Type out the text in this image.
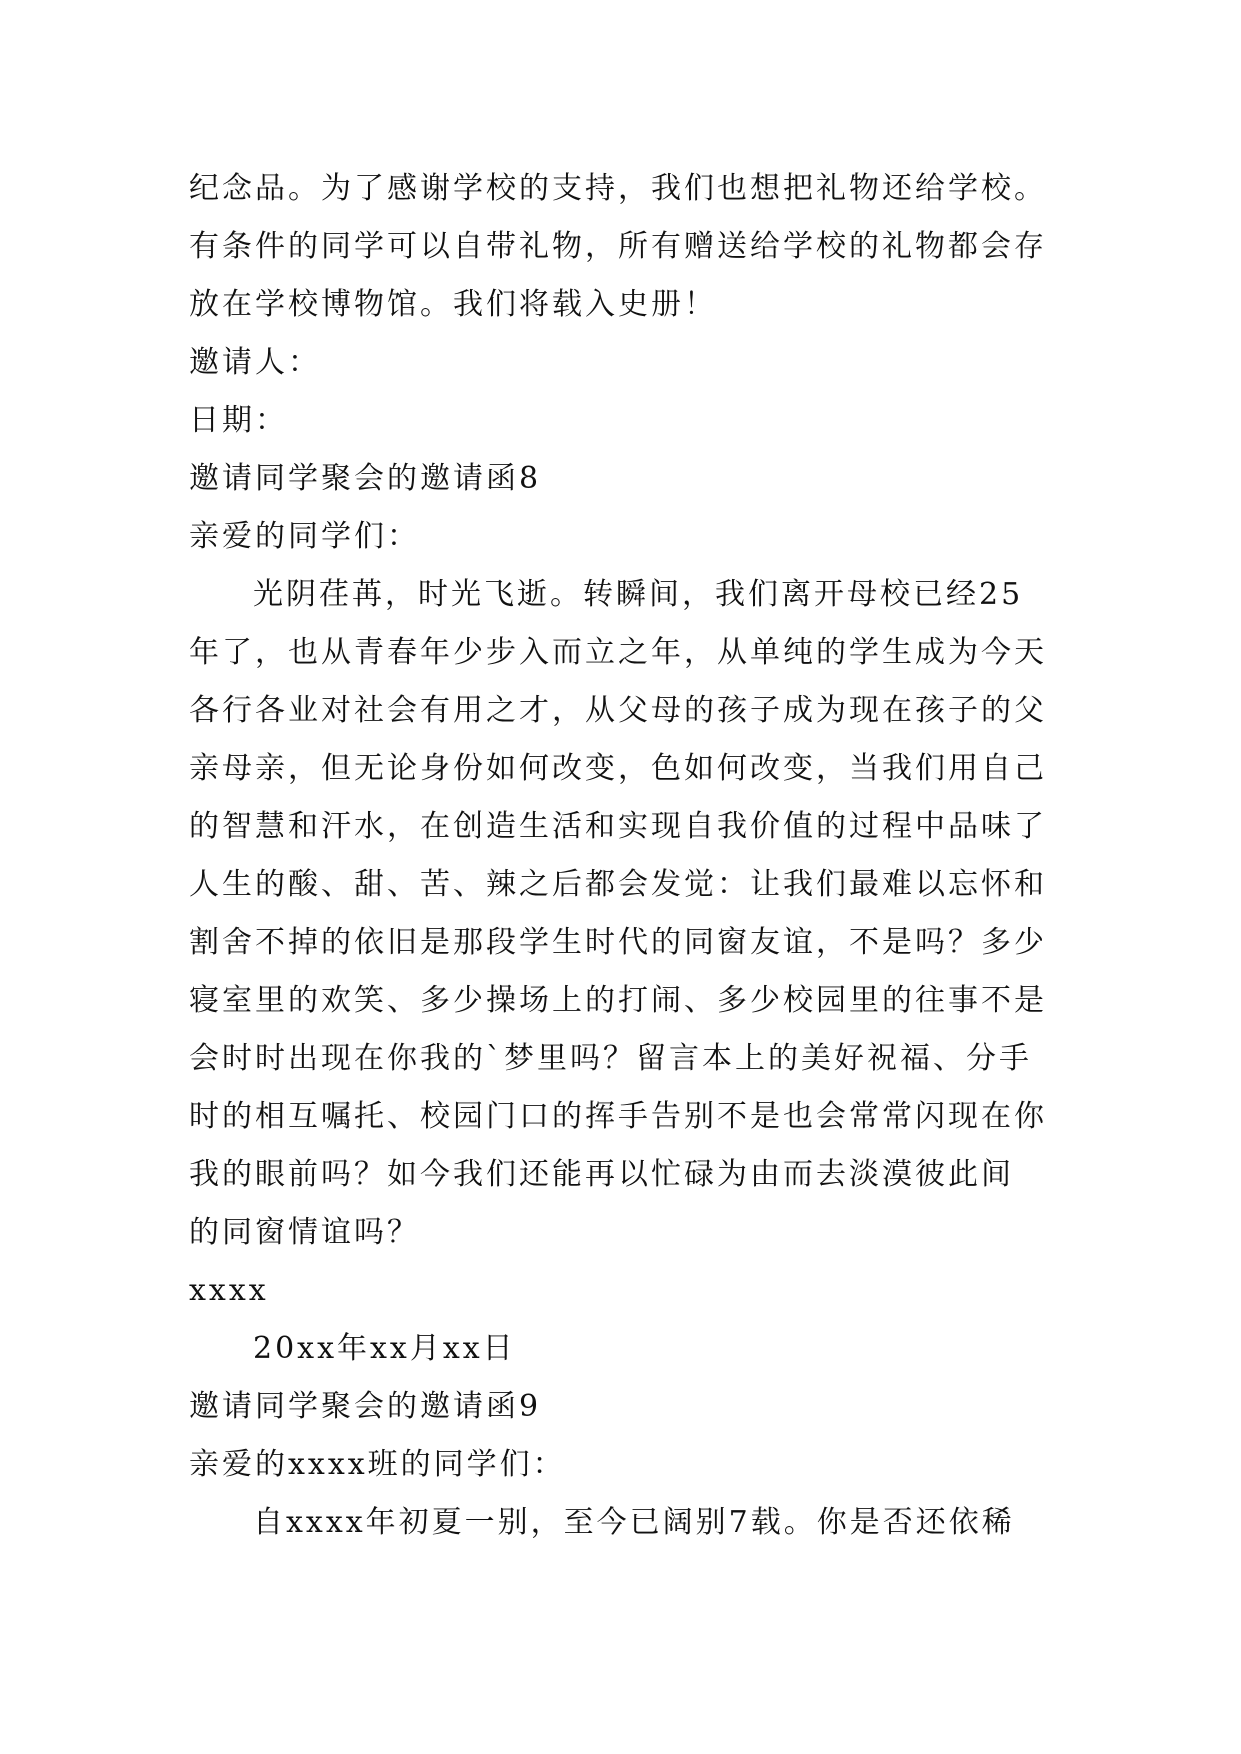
纪念品。为了感谢学校的支持，我们也想把礼物还给学校。
有条件的同学可以自带礼物，所有赠送给学校的礼物都会存
放在学校博物馆。我们将载入史册！
邀请人：
日期：
邀请同学聚会的邀请函8
亲爱的同学们：
光阴荏苒，时光飞逝。转瞬间，我们离开母校已经25
年了，也从青春年少步入而立之年，从单纯的学生成为今天
各行各业对社会有用之才，从父母的孩子成为现在孩子的父
亲母亲，但无论身份如何改变，色如何改变，当我们用自己
的智慧和汗水，在创造生活和实现自我价值的过程中品味了
人生的酸、甜、苦、辣之后都会发觉：让我们最难以忘怀和
割舍不掉的依旧是那段学生时代的同窗友谊，不是吗？多少
寝室里的欢笑、多少操场上的打闹、多少校园里的往事不是
会时时出现在你我的`梦里吗？留言本上的美好祝福、分手
时的相互嘱托、校园门口的挥手告别不是也会常常闪现在你
我的眼前吗？如今我们还能再以忙碌为由而去淡漠彼此间
的同窗情谊吗？
xxxx
20xx年xx月xx日
邀请同学聚会的邀请函9
亲爱的xxxx班的同学们：
自xxxx年初夏一别，至今已阔别7载。你是否还依稀
